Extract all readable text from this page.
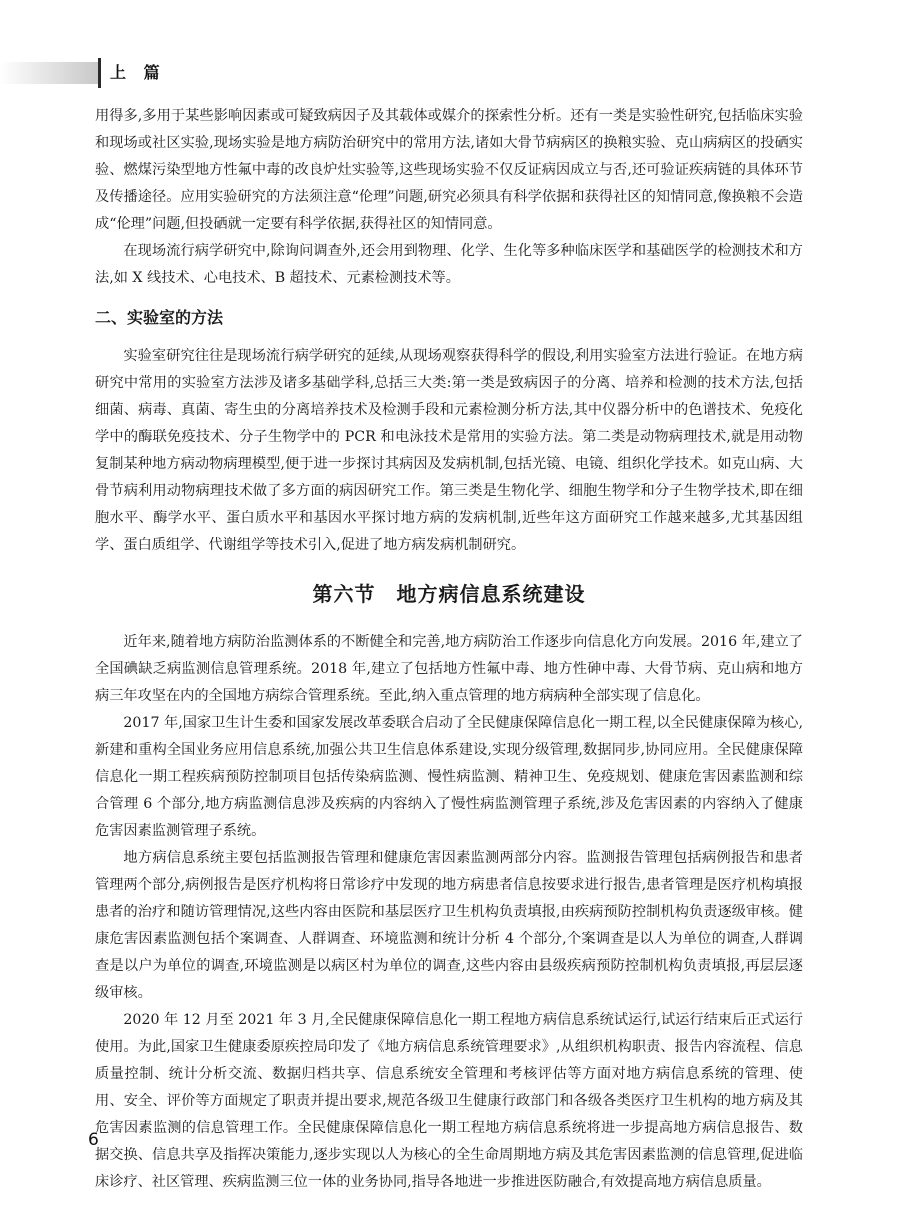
上 篇

用得多,多用于某些影响因素或可疑致病因子及其载体或媒介的探索性分析。还有一类是实验性研究,包括临床实验和现场或社区实验,现场实验是地方病防治研究中的常用方法,诸如大骨节病病区的换粮实验、克山病病区的投硒实验、燃煤污染型地方性氟中毒的改良炉灶实验等,这些现场实验不仅反证病因成立与否,还可验证疾病链的具体环节及传播途径。应用实验研究的方法须注意“伦理”问题,研究必须具有科学依据和获得社区的知情同意,像换粮不会造成“伦理”问题,但投硒就一定要有科学依据,获得社区的知情同意。

在现场流行病学研究中,除询问调查外,还会用到物理、化学、生化等多种临床医学和基础医学的检测技术和方法,如 X 线技术、心电技术、B 超技术、元素检测技术等。

二、实验室的方法

实验室研究往往是现场流行病学研究的延续,从现场观察获得科学的假设,利用实验室方法进行验证。在地方病研究中常用的实验室方法涉及诸多基础学科,总括三大类:第一类是致病因子的分离、培养和检测的技术方法,包括细菌、病毒、真菌、寄生虫的分离培养技术及检测手段和元素检测分析方法,其中仪器分析中的色谱技术、免疫化学中的酶联免疫技术、分子生物学中的 PCR 和电泳技术是常用的实验方法。第二类是动物病理技术,就是用动物复制某种地方病动物病理模型,便于进一步探讨其病因及发病机制,包括光镜、电镜、组织化学技术。如克山病、大骨节病利用动物病理技术做了多方面的病因研究工作。第三类是生物化学、细胞生物学和分子生物学技术,即在细胞水平、酶学水平、蛋白质水平和基因水平探讨地方病的发病机制,近些年这方面研究工作越来越多,尤其基因组学、蛋白质组学、代谢组学等技术引入,促进了地方病发病机制研究。

第六节　地方病信息系统建设

近年来,随着地方病防治监测体系的不断健全和完善,地方病防治工作逐步向信息化方向发展。2016 年,建立了全国碘缺乏病监测信息管理系统。2018 年,建立了包括地方性氟中毒、地方性砷中毒、大骨节病、克山病和地方病三年攻坚在内的全国地方病综合管理系统。至此,纳入重点管理的地方病病种全部实现了信息化。

2017 年,国家卫生计生委和国家发展改革委联合启动了全民健康保障信息化一期工程,以全民健康保障为核心,新建和重构全国业务应用信息系统,加强公共卫生信息体系建设,实现分级管理,数据同步,协同应用。全民健康保障信息化一期工程疾病预防控制项目包括传染病监测、慢性病监测、精神卫生、免疫规划、健康危害因素监测和综合管理 6 个部分,地方病监测信息涉及疾病的内容纳入了慢性病监测管理子系统,涉及危害因素的内容纳入了健康危害因素监测管理子系统。

地方病信息系统主要包括监测报告管理和健康危害因素监测两部分内容。监测报告管理包括病例报告和患者管理两个部分,病例报告是医疗机构将日常诊疗中发现的地方病患者信息按要求进行报告,患者管理是医疗机构填报患者的治疗和随访管理情况,这些内容由医院和基层医疗卫生机构负责填报,由疾病预防控制机构负责逐级审核。健康危害因素监测包括个案调查、人群调查、环境监测和统计分析 4 个部分,个案调查是以人为单位的调查,人群调查是以户为单位的调查,环境监测是以病区村为单位的调查,这些内容由县级疾病预防控制机构负责填报,再层层逐级审核。

2020 年 12 月至 2021 年 3 月,全民健康保障信息化一期工程地方病信息系统试运行,试运行结束后正式运行使用。为此,国家卫生健康委原疾控局印发了《地方病信息系统管理要求》,从组织机构职责、报告内容流程、信息质量控制、统计分析交流、数据归档共享、信息系统安全管理和考核评估等方面对地方病信息系统的管理、使用、安全、评价等方面规定了职责并提出要求,规范各级卫生健康行政部门和各级各类医疗卫生机构的地方病及其危害因素监测的信息管理工作。全民健康保障信息化一期工程地方病信息系统将进一步提高地方病信息报告、数据交换、信息共享及指挥决策能力,逐步实现以人为核心的全生命周期地方病及其危害因素监测的信息管理,促进临床诊疗、社区管理、疾病监测三位一体的业务协同,指导各地进一步推进医防融合,有效提高地方病信息质量。

6
